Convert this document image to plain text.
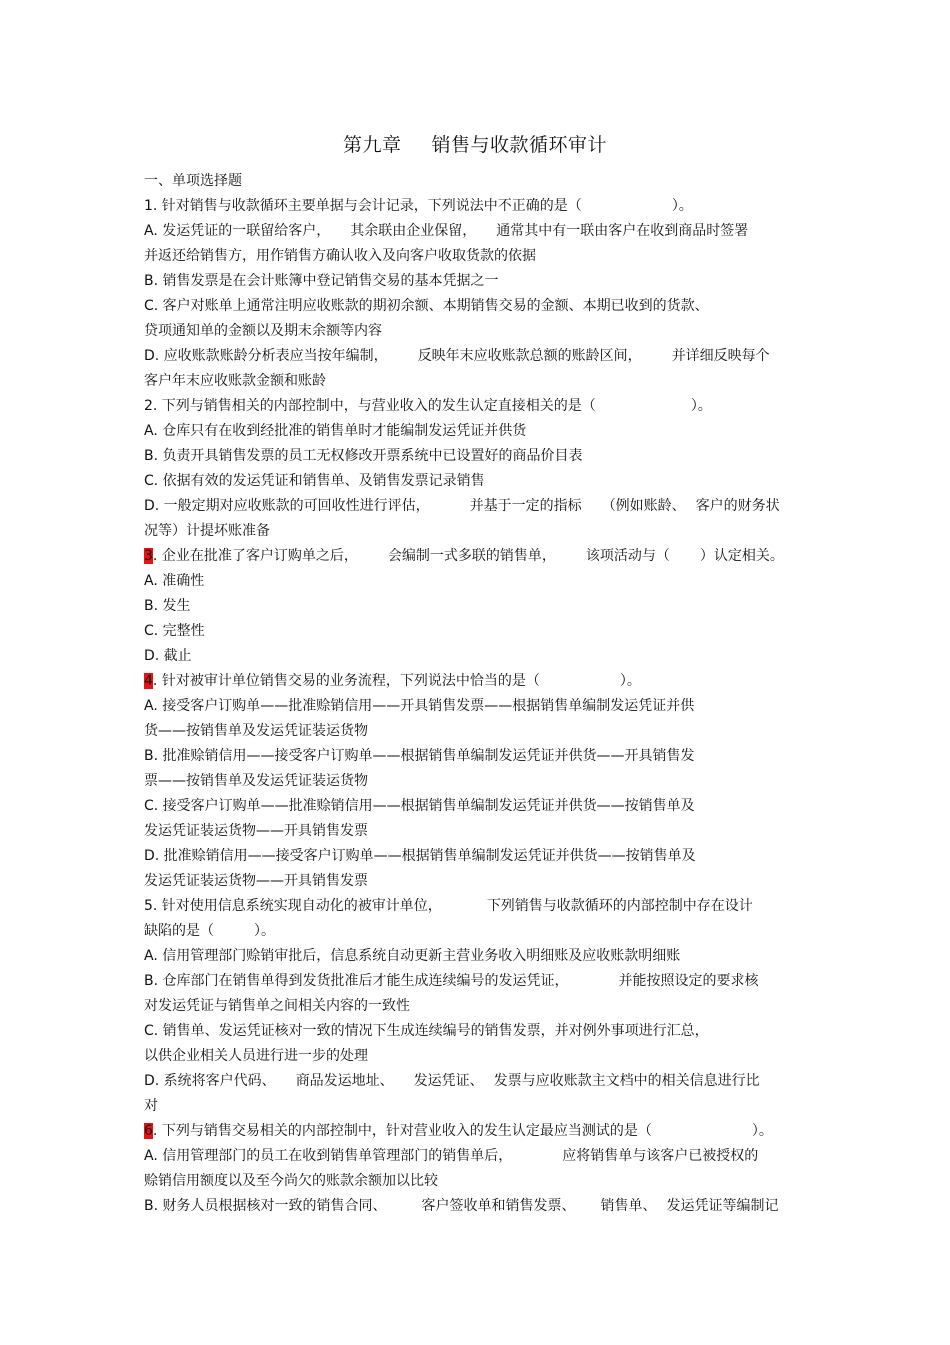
第九章 销售与收款循环审计
一、单项选择题
1. 针对销售与收款循环主要单据与会计记录，下列说法中不正确的是（	）。
A. 发运凭证的一联留给客户， 其余联由企业保留， 通常其中有一联由客户在收到商品时签署
并返还给销售方，用作销售方确认收入及向客户收取货款的依据
B. 销售发票是在会计账簿中登记销售交易的基本凭据之一
C. 客户对账单上通常注明应收账款的期初余额、本期销售交易的金额、本期已收到的货款、
贷项通知单的金额以及期末余额等内容
D. 应收账款账龄分析表应当按年编制， 反映年末应收账款总额的账龄区间， 并详细反映每个
客户年末应收账款金额和账龄
2. 下列与销售相关的内部控制中，与营业收入的发生认定直接相关的是（	）。
A. 仓库只有在收到经批准的销售单时才能编制发运凭证并供货
B. 负责开具销售发票的员工无权修改开票系统中已设置好的商品价目表
C. 依据有效的发运凭证和销售单、及销售发票记录销售
D. 一般定期对应收账款的可回收性进行评估，	并基于一定的指标 （例如账龄、 客户的财务状
况等）计提坏账准备
3. 企业在批准了客户订购单之后， 会编制一式多联的销售单， 该项活动与（ ）认定相关。
A. 准确性
B. 发生
C. 完整性
D. 截止
4. 针对被审计单位销售交易的业务流程，下列说法中恰当的是（	）。
A. 接受客户订购单——批准赊销信用——开具销售发票——根据销售单编制发运凭证并供
货——按销售单及发运凭证装运货物
B. 批准赊销信用——接受客户订购单——根据销售单编制发运凭证并供货——开具销售发
票——按销售单及发运凭证装运货物
C. 接受客户订购单——批准赊销信用——根据销售单编制发运凭证并供货——按销售单及
发运凭证装运货物——开具销售发票
D. 批准赊销信用——接受客户订购单——根据销售单编制发运凭证并供货——按销售单及
发运凭证装运货物——开具销售发票
5. 针对使用信息系统实现自动化的被审计单位，	下列销售与收款循环的内部控制中存在设计
缺陷的是（	）。
A. 信用管理部门赊销审批后，信息系统自动更新主营业务收入明细账及应收账款明细账
B. 仓库部门在销售单得到发货批准后才能生成连续编号的发运凭证，	并能按照设定的要求核
对发运凭证与销售单之间相关内容的一致性
C. 销售单、发运凭证核对一致的情况下生成连续编号的销售发票，并对例外事项进行汇总，
以供企业相关人员进行进一步的处理
D. 系统将客户代码、 商品发运地址、 发运凭证、 发票与应收账款主文档中的相关信息进行比
对
6. 下列与销售交易相关的内部控制中，针对营业收入的发生认定最应当测试的是（	）。
A. 信用管理部门的员工在收到销售单管理部门的销售单后，	应将销售单与该客户已被授权的
赊销信用额度以及至今尚欠的账款余额加以比较
B. 财务人员根据核对一致的销售合同、	客户签收单和销售发票、 销售单、 发运凭证等编制记
